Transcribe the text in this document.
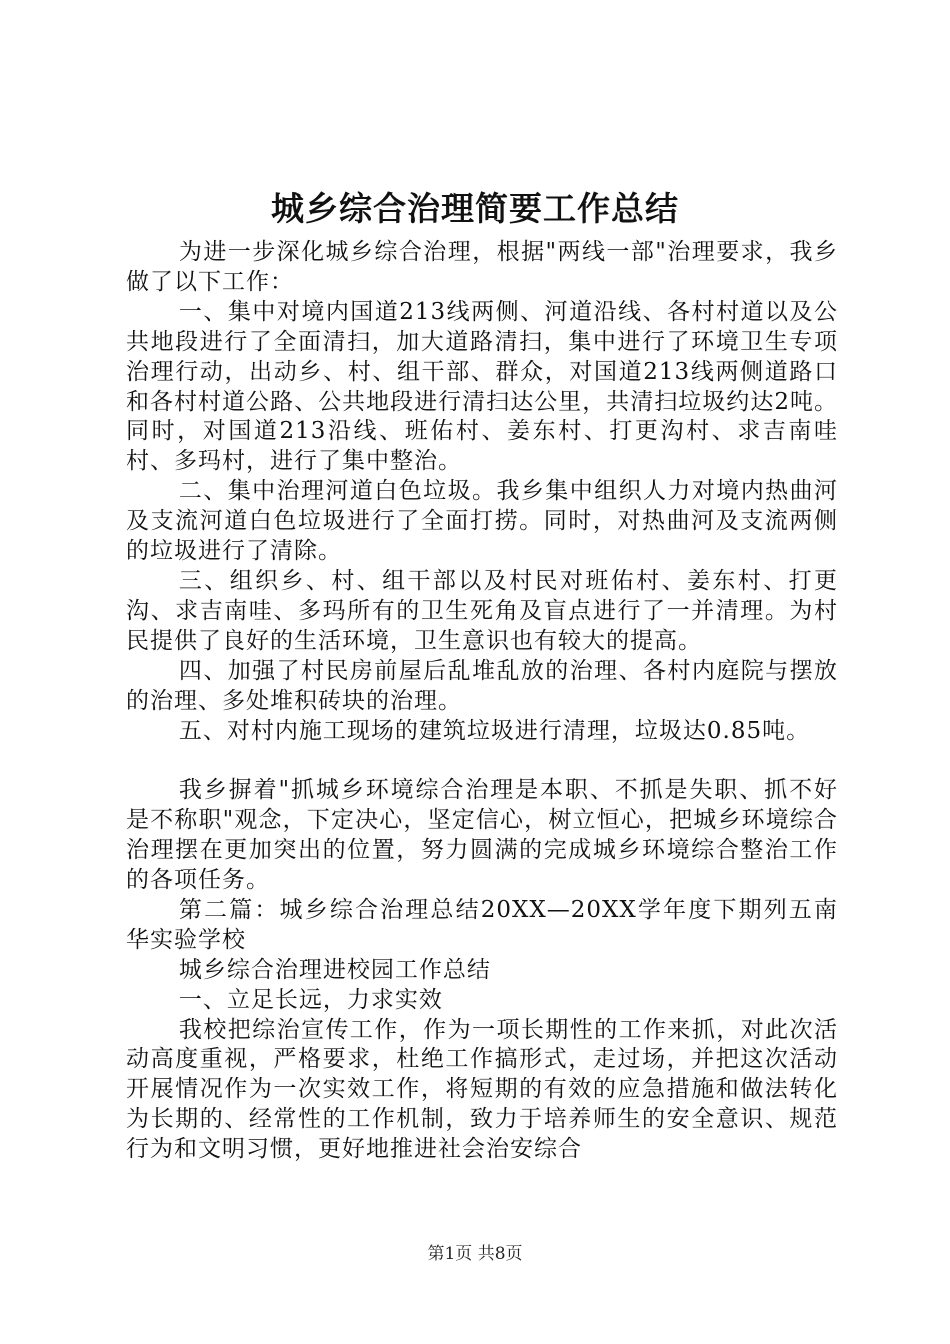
城乡综合治理简要工作总结

为进一步深化城乡综合治理，根据"两线一部"治理要求，我乡做了以下工作：

一、集中对境内国道213线两侧、河道沿线、各村村道以及公共地段进行了全面清扫，加大道路清扫，集中进行了环境卫生专项治理行动，出动乡、村、组干部、群众，对国道213线两侧道路口和各村村道公路、公共地段进行清扫达公里，共清扫垃圾约达2吨。同时，对国道213沿线、班佑村、姜东村、打更沟村、求吉南哇村、多玛村，进行了集中整治。

二、集中治理河道白色垃圾。我乡集中组织人力对境内热曲河及支流河道白色垃圾进行了全面打捞。同时，对热曲河及支流两侧的垃圾进行了清除。

三、组织乡、村、组干部以及村民对班佑村、姜东村、打更沟、求吉南哇、多玛所有的卫生死角及盲点进行了一并清理。为村民提供了良好的生活环境，卫生意识也有较大的提高。

四、加强了村民房前屋后乱堆乱放的治理、各村内庭院与摆放的治理、多处堆积砖块的治理。

五、对村内施工现场的建筑垃圾进行清理，垃圾达0.85吨。

我乡摒着"抓城乡环境综合治理是本职、不抓是失职、抓不好是不称职"观念，下定决心，坚定信心，树立恒心，把城乡环境综合治理摆在更加突出的位置，努力圆满的完成城乡环境综合整治工作的各项任务。

第二篇：城乡综合治理总结20XX—20XX学年度下期列五南华实验学校

城乡综合治理进校园工作总结

一、立足长远，力求实效

我校把综治宣传工作，作为一项长期性的工作来抓，对此次活动高度重视，严格要求，杜绝工作搞形式，走过场，并把这次活动开展情况作为一次实效工作，将短期的有效的应急措施和做法转化为长期的、经常性的工作机制，致力于培养师生的安全意识、规范行为和文明习惯，更好地推进社会治安综合

第1页 共8页
